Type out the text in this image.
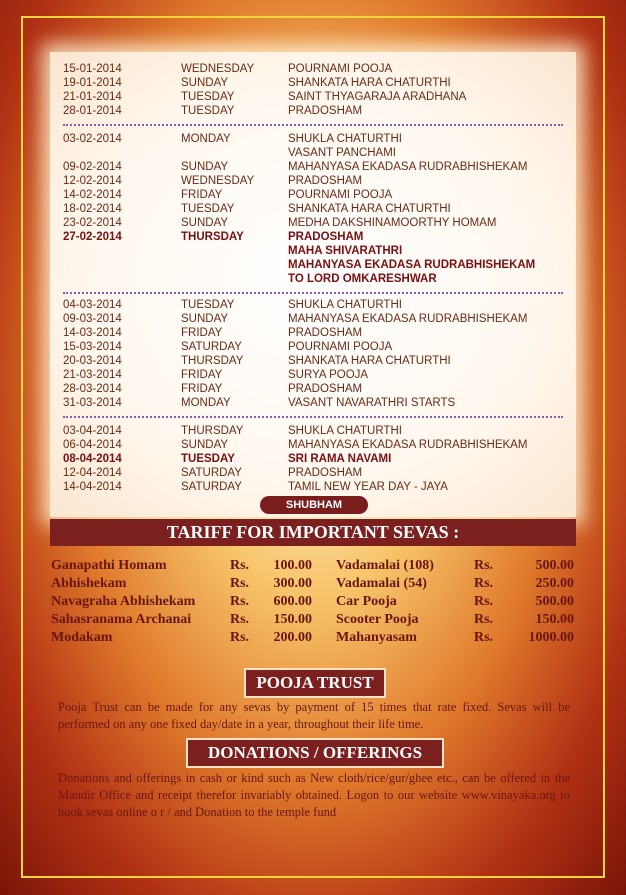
15-01-2014	WEDNESDAY	POURNAMI POOJA
19-01-2014	SUNDAY	SHANKATA HARA CHATURTHI
21-01-2014	TUESDAY	SAINT THYAGARAJA ARADHANA
28-01-2014	TUESDAY	PRADOSHAM
03-02-2014	MONDAY	SHUKLA CHATURTHI
VASANT PANCHAMI
09-02-2014	SUNDAY	MAHANYASA EKADASA RUDRABHISHEKAM
12-02-2014	WEDNESDAY	PRADOSHAM
14-02-2014	FRIDAY	POURNAMI POOJA
18-02-2014	TUESDAY	SHANKATA HARA CHATURTHI
23-02-2014	SUNDAY	MEDHA DAKSHINAMOORTHY HOMAM
27-02-2014	THURSDAY	PRADOSHAM
MAHA SHIVARATHRI
MAHANYASA EKADASA RUDRABHISHEKAM
TO LORD OMKARESHWAR
04-03-2014	TUESDAY	SHUKLA CHATURTHI
09-03-2014	SUNDAY	MAHANYASA EKADASA RUDRABHISHEKAM
14-03-2014	FRIDAY	PRADOSHAM
15-03-2014	SATURDAY	POURNAMI POOJA
20-03-2014	THURSDAY	SHANKATA HARA CHATURTHI
21-03-2014	FRIDAY	SURYA POOJA
28-03-2014	FRIDAY	PRADOSHAM
31-03-2014	MONDAY	VASANT NAVARATHRI STARTS
03-04-2014	THURSDAY	SHUKLA CHATURTHI
06-04-2014	SUNDAY	MAHANYASA EKADASA RUDRABHISHEKAM
08-04-2014	TUESDAY	SRI RAMA NAVAMI
12-04-2014	SATURDAY	PRADOSHAM
14-04-2014	SATURDAY	TAMIL NEW YEAR DAY - JAYA
SHUBHAM
TARIFF FOR IMPORTANT SEVAS :
Ganapathi Homam	Rs.	100.00
Abhishekam	Rs.	300.00
Navagraha Abhishekam Rs.	600.00
Sahasranama Archanai	Rs.	150.00
Modakam	Rs.	200.00
Vadamalai (108)	Rs.	500.00
Vadamalai (54)	Rs.	250.00
Car Pooja	Rs.	500.00
Scooter Pooja	Rs.	150.00
Mahanyasam	Rs.	1000.00
POOJA TRUST
Pooja Trust can be made for any sevas by payment of 15 times that rate fixed. Sevas will be performed on any one fixed day/date in a year, throughout their life time.
DONATIONS / OFFERINGS
Donations and offerings in cash or kind such as New cloth/rice/gur/ghee etc., can be offered in the Mandir Office and receipt therefor invariably obtained. Logon to our website www.vinayaka.org to book sevas online o r / and Donation to the temple fund
